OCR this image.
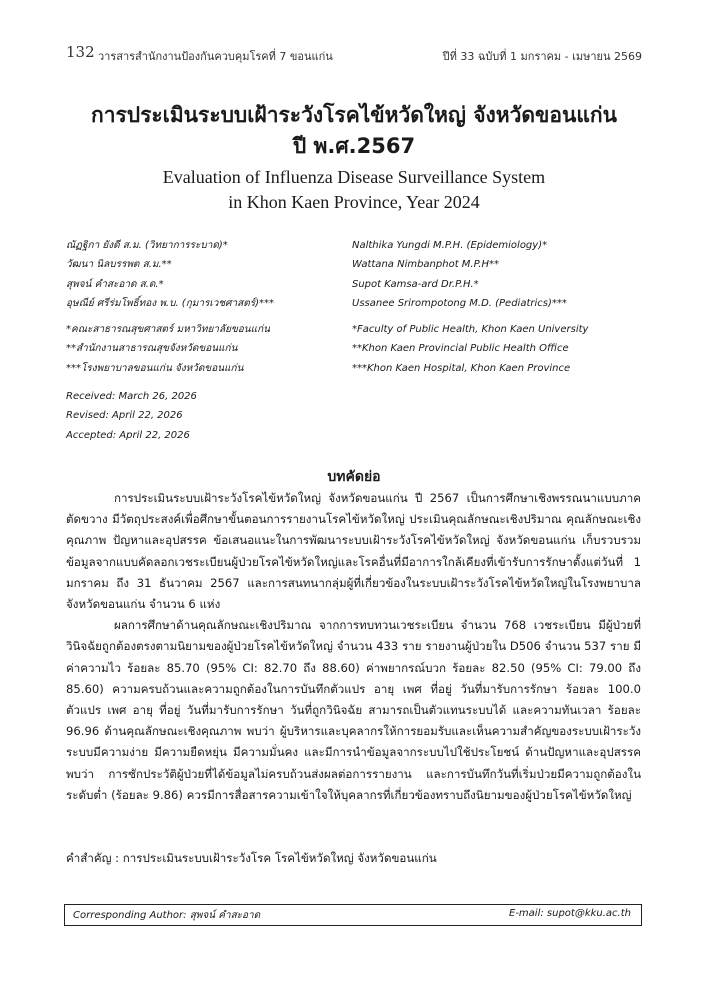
132 วารสารสำนักงานป้องกันควบคุมโรคที่ 7 ขอนแก่น	ปีที่ 33 ฉบับที่ 1 มกราคม - เมษายน 2569
การประเมินระบบเฝ้าระวังโรคไข้หวัดใหญ่ จังหวัดขอนแก่น
ปี พ.ศ.2567
Evaluation of Influenza Disease Surveillance System
in Khon Kaen Province, Year 2024
ณัฏฐิกา ยังดี ส.ม. (วิทยาการระบาด)*
วัฒนา นิลบรรพต ส.ม.**
สุพจน์ คำสะอาด ส.ด.*
อุษณีย์ ศรีร่มโพธิ์ทอง พ.บ. (กุมารเวชศาสตร์)***
Nalthika Yungdi M.P.H. (Epidemiology)*
Wattana Nimbanphot M.P.H**
Supot Kamsa-ard Dr.P.H.*
Ussanee Srirompotong M.D. (Pediatrics)***
*คณะสาธารณสุขศาสตร์ มหาวิทยาลัยขอนแก่น
**สำนักงานสาธารณสุขจังหวัดขอนแก่น
***โรงพยาบาลขอนแก่น จังหวัดขอนแก่น
*Faculty of Public Health, Khon Kaen University
**Khon Kaen Provincial Public Health Office
***Khon Kaen Hospital, Khon Kaen Province
Received: March 26, 2026
Revised: April 22, 2026
Accepted: April 22, 2026
บทคัดย่อ

การประเมินระบบเฝ้าระวังโรคไข้หวัดใหญ่ จังหวัดขอนแก่น ปี 2567 เป็นการศึกษาเชิงพรรณนาแบบภาคตัดขวาง มีวัตถุประสงค์เพื่อศึกษาขั้นตอนการรายงานโรคไข้หวัดใหญ่ ประเมินคุณลักษณะเชิงปริมาณ คุณลักษณะเชิงคุณภาพ ปัญหาและอุปสรรค ข้อเสนอแนะในการพัฒนาระบบเฝ้าระวังโรคไข้หวัดใหญ่ จังหวัดขอนแก่น เก็บรวบรวมข้อมูลจากแบบคัดลอกเวชระเบียนผู้ป่วยโรคไข้หวัดใหญ่และโรคอื่นที่มีอาการใกล้เคียงที่เข้ารับการรักษาตั้งแต่วันที่ 1 มกราคม ถึง 31 ธันวาคม 2567 และการสนทนากลุ่มผู้ที่เกี่ยวข้องในระบบเฝ้าระวังโรคไข้หวัดใหญ่ในโรงพยาบาล จังหวัดขอนแก่น จำนวน 6 แห่ง

ผลการศึกษาด้านคุณลักษณะเชิงปริมาณ จากการทบทวนเวชระเบียน จำนวน 768 เวชระเบียน มีผู้ป่วยที่วินิจฉัยถูกต้องตรงตามนิยามของผู้ป่วยโรคไข้หวัดใหญ่ จำนวน 433 ราย รายงานผู้ป่วยใน D506 จำนวน 537 ราย มีค่าความไว ร้อยละ 85.70 (95% CI: 82.70 ถึง 88.60) ค่าพยากรณ์บวก ร้อยละ 82.50 (95% CI: 79.00 ถึง 85.60) ความครบถ้วนและความถูกต้องในการบันทึกตัวแปร อายุ เพศ ที่อยู่ วันที่มารับการรักษา ร้อยละ 100.0 ตัวแปร เพศ อายุ ที่อยู่ วันที่มารับการรักษา วันที่ถูกวินิจฉัย สามารถเป็นตัวแทนระบบได้ และความทันเวลา ร้อยละ 96.96 ด้านคุณลักษณะเชิงคุณภาพ พบว่า ผู้บริหารและบุคลากรให้การยอมรับและเห็นความสำคัญของระบบเฝ้าระวัง ระบบมีความง่าย มีความยืดหยุ่น มีความมั่นคง และมีการนำข้อมูลจากระบบไปใช้ประโยชน์ ด้านปัญหาและอุปสรรค พบว่า การซักประวัติผู้ป่วยที่ได้ข้อมูลไม่ครบถ้วนส่งผลต่อการรายงาน และการบันทึกวันที่เริ่มป่วยมีความถูกต้องในระดับต่ำ (ร้อยละ 9.86) ควรมีการสื่อสารความเข้าใจให้บุคลากรที่เกี่ยวข้องทราบถึงนิยามของผู้ป่วยโรคไข้หวัดใหญ่

คำสำคัญ : การประเมินระบบเฝ้าระวังโรค โรคไข้หวัดใหญ่ จังหวัดขอนแก่น
Corresponding Author: สุพจน์ คำสะอาด	E-mail: supot@kku.ac.th
